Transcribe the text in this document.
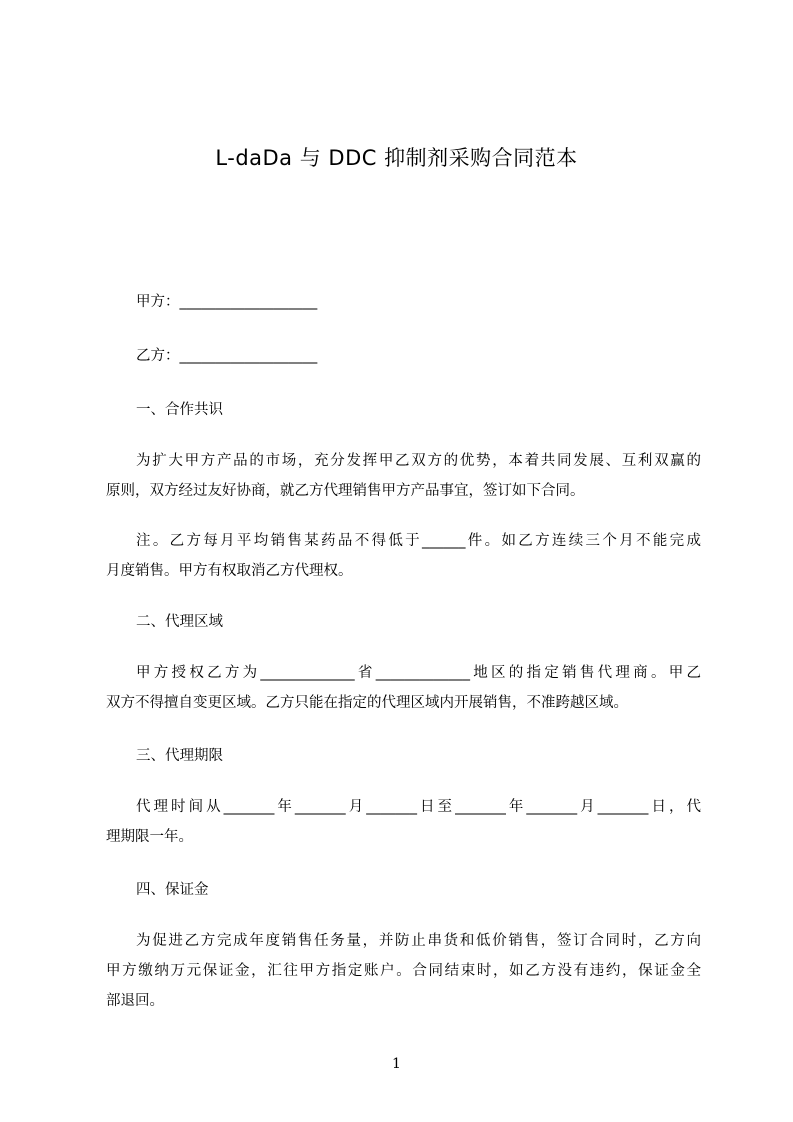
L-daDa 与 DDC 抑制剂采购合同范本
甲方：___________________
乙方：___________________
一、合作共识
为扩大甲方产品的市场，充分发挥甲乙双方的优势，本着共同发展、互利双赢的
原则，双方经过友好协商，就乙方代理销售甲方产品事宜，签订如下合同。
注。乙方每月平均销售某药品不得低于______件。如乙方连续三个月不能完成
月度销售。甲方有权取消乙方代理权。
二、代理区域
甲方授权乙方为_____________省_____________地区的指定销售代理商。甲乙
双方不得擅自变更区域。乙方只能在指定的代理区域内开展销售，不准跨越区域。
三、代理期限
代理时间从_______年_______月_______日至_______年_______月_______日，代
理期限一年。
四、保证金
为促进乙方完成年度销售任务量，并防止串货和低价销售，签订合同时，乙方向
甲方缴纳万元保证金，汇往甲方指定账户。合同结束时，如乙方没有违约，保证金全
部退回。
1
